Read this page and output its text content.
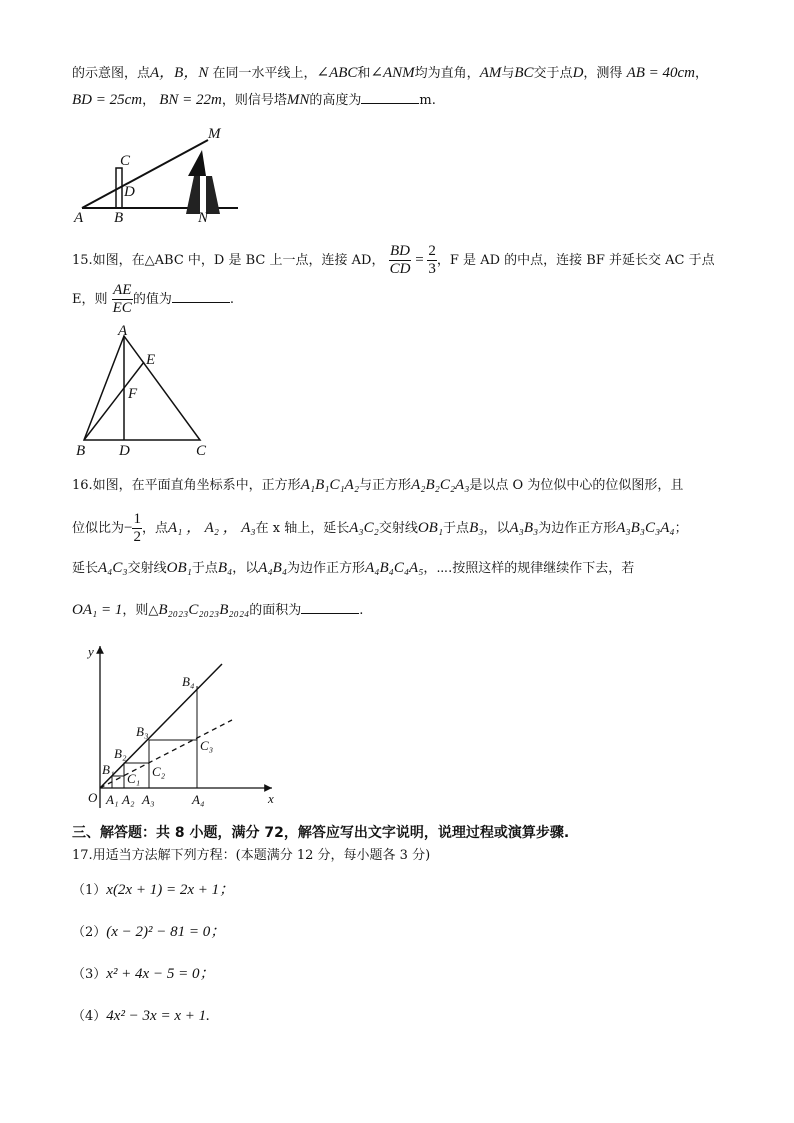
的示意图，点A，B，N 在同一水平线上，∠ABC和∠ANM均为直角，AM与BC交于点D，测得 AB = 40cm，
BD = 25cm， BN = 22m，则信号塔MN的高度为	m.
M
C
D
A B	N
15.如图，在△ABC 中，D 是 BC 上一点，连接 AD， $\frac{BD}{CD} = \frac{2}{3}$ ，F 是 AD 的中点，连接 BF 并延长交 AC 于点
E，则 $\frac{AE}{EC}$ 的值为	.
A
E
F
B D	C
16.如图，在平面直角坐标系中，正方形A₁B₁C₁A₂与正方形A₂B₂C₂A₃是以点 O 为位似中心的位似图形，且
位似比为− $\frac{1}{2}$ ，点A₁ ， A₂ ， A₃在 x 轴上，延长A₃C₂交射线OB₁于点B₃，以A₃B₃为边作正方形A₃B₃C₃A₄；
延长A₄C₃交射线OB₁于点B₄，以A₄B₄为边作正方形A₄B₄C₄A₅，⋯.按照这样的规律继续作下去，若
OA₁ = 1，则△B₂₀₂₃C₂₀₂₃B₂₀₂₄的面积为	.
y
x
O A₁ A₂ A₃	A₄
B₁
B₂
B₃
B₄
C₁ C₂
C₃
三、解答题：共 8 小题，满分 72，解答应写出文字说明，说理过程或演算步骤.
17.用适当方法解下列方程：(本题满分 12 分，每小题各 3 分)
（1）x(2x + 1) = 2x + 1；
（2）(x − 2)² − 81 = 0；
（3）x² + 4x − 5 = 0；
（4）4x² − 3x = x + 1.
